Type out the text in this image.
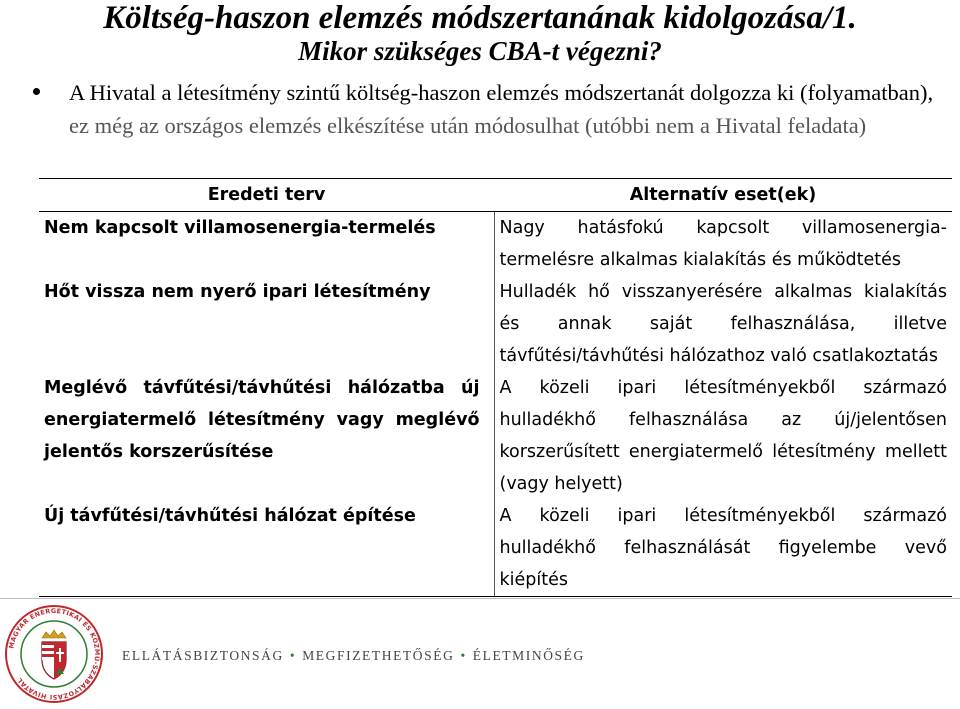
Költség-haszon elemzés módszertanának kidolgozása/1.
Mikor szükséges CBA-t végezni?
A Hivatal a létesítmény szintű költség-haszon elemzés módszertanát dolgozza ki (folyamatban), ez még az országos elemzés elkészítése után módosulhat (utóbbi nem a Hivatal feladata)
Eredeti terv	Alternatív eset(ek)
Nem kapcsolt villamosenergia-termelés	Nagy hatásfokú kapcsolt villamosenergia-termelésre alkalmas kialakítás és működtetés
Hőt vissza nem nyerő ipari létesítmény	Hulladék hő visszanyerésére alkalmas kialakítás és annak saját felhasználása, illetve távfűtési/távhűtési hálózathoz való csatlakoztatás
Meglévő távfűtési/távhűtési hálózatba új energiatermelő létesítmény vagy meglévő jelentős korszerűsítése	A közeli ipari létesítményekből származó hulladékhő felhasználása az új/jelentősen korszerűsített energiatermelő létesítmény mellett (vagy helyett)
Új távfűtési/távhűtési hálózat építése	A közeli ipari létesítményekből származó hulladékhő felhasználását figyelembe vevő kiépítés
MAGYAR ENERGETIKAI ÉS KÖZMŰ-SZABÁLYOZÁSI HIVATAL
ELLÁTÁSBIZTONSÁG • MEGFIZETHETŐSÉG • ÉLETMINŐSÉG
